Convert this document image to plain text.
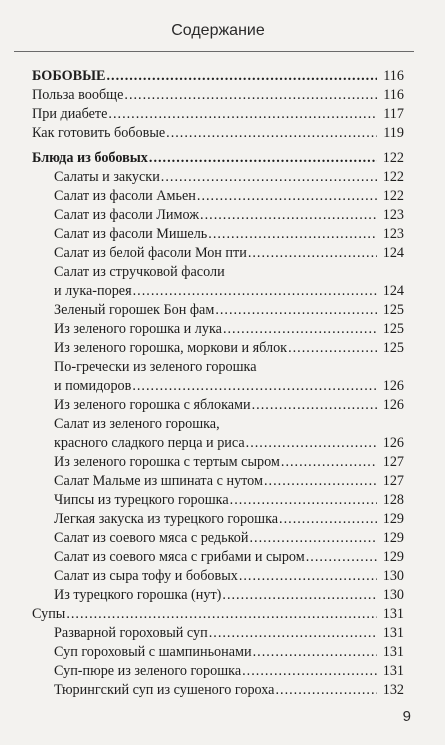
Содержание
БОБОВЫЕ .....	116
Польза вообще .....	116
При диабете .....	117
Как готовить бобовые .....	119
Блюда из бобовых .....	122
Салаты и закуски .....	122
Салат из фасоли Амьен .....	122
Салат из фасоли Лимож .....	123
Салат из фасоли Мишель .....	123
Салат из белой фасоли Мон пти .....	124
Салат из стручковой фасоли
и лука-порея .....	124
Зеленый горошек Бон фам .....	125
Из зеленого горошка и лука .....	125
Из зеленого горошка, моркови и яблок .....	125
По-гречески из зеленого горошка
и помидоров .....	126
Из зеленого горошка с яблоками .....	126
Салат из зеленого горошка,
красного сладкого перца и риса .....	126
Из зеленого горошка с тертым сыром .....	127
Салат Мальме из шпината с нутом .....	127
Чипсы из турецкого горошка .....	128
Легкая закуска из турецкого горошка .....	129
Салат из соевого мяса с редькой .....	129
Салат из соевого мяса с грибами и сыром .....	129
Салат из сыра тофу и бобовых .....	130
Из турецкого горошка (нут) .....	130
Супы .....	131
Разварной гороховый суп .....	131
Суп гороховый с шампиньонами .....	131
Суп-пюре из зеленого горошка .....	131
Тюрингский суп из сушеного гороха .....	132
9
